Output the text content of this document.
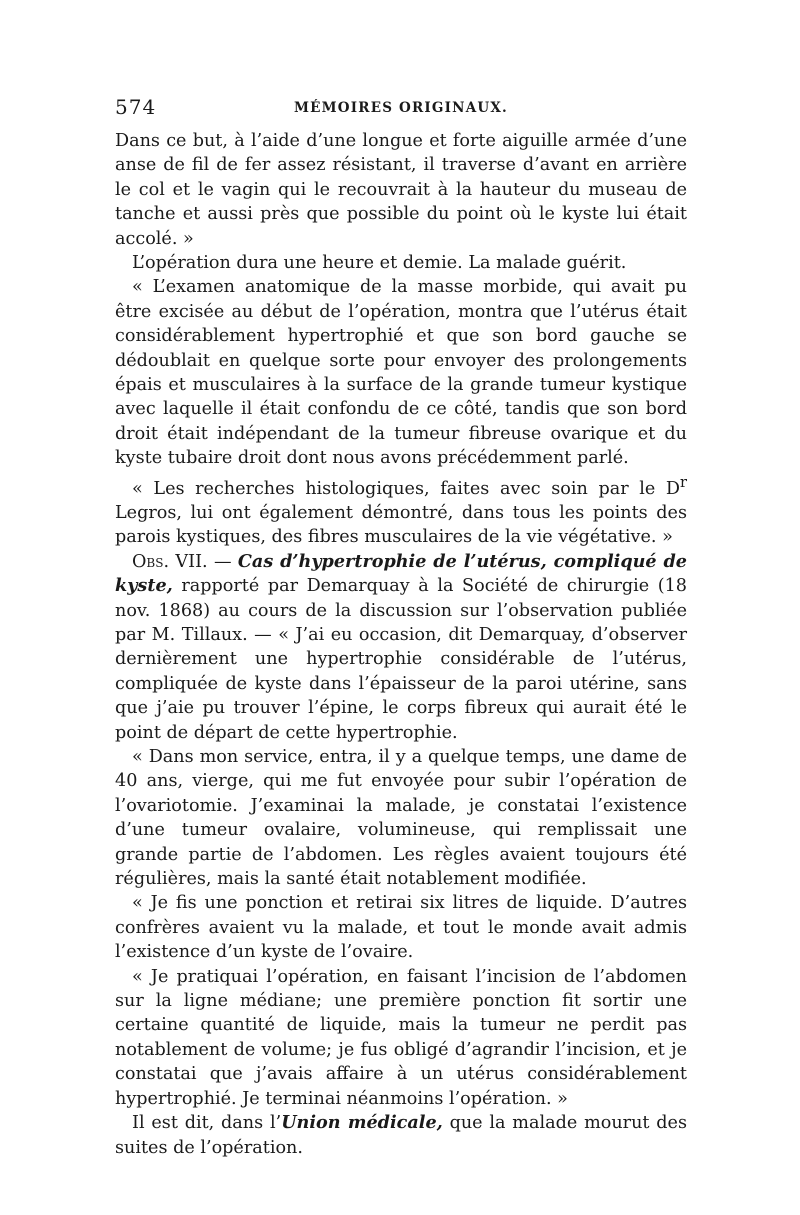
574	MÉMOIRES ORIGINAUX.

Dans ce but, à l’aide d’une longue et forte aiguille armée d’une anse de fil de fer assez résistant, il traverse d’avant en arrière le col et le vagin qui le recouvrait à la hauteur du museau de tanche et aussi près que possible du point où le kyste lui était accolé. »

L’opération dura une heure et demie. La malade guérit.

« L’examen anatomique de la masse morbide, qui avait pu être excisée au début de l’opération, montra que l’utérus était considérablement hypertrophié et que son bord gauche se dédoublait en quelque sorte pour envoyer des prolongements épais et musculaires à la surface de la grande tumeur kystique avec laquelle il était confondu de ce côté, tandis que son bord droit était indépendant de la tumeur fibreuse ovarique et du kyste tubaire droit dont nous avons précédemment parlé.

« Les recherches histologiques, faites avec soin par le $D^r$ Legros, lui ont également démontré, dans tous les points des parois kystiques, des fibres musculaires de la vie végétative. »

Obs. VII. — Cas d’hypertrophie de l’utérus, compliqué de kyste, rapporté par Demarquay à la Société de chirurgie (18 nov. 1868) au cours de la discussion sur l’observation publiée par M. Tillaux. — « J’ai eu occasion, dit Demarquay, d’observer dernièrement une hypertrophie considérable de l’utérus, compliquée de kyste dans l’épaisseur de la paroi utérine, sans que j’aie pu trouver l’épine, le corps fibreux qui aurait été le point de départ de cette hypertrophie.

« Dans mon service, entra, il y a quelque temps, une dame de 40 ans, vierge, qui me fut envoyée pour subir l’opération de l’ovariotomie. J’examinai la malade, je constatai l’existence d’une tumeur ovalaire, volumineuse, qui remplissait une grande partie de l’abdomen. Les règles avaient toujours été régulières, mais la santé était notablement modifiée.

« Je fis une ponction et retirai six litres de liquide. D’autres confrères avaient vu la malade, et tout le monde avait admis l’existence d’un kyste de l’ovaire.

« Je pratiquai l’opération, en faisant l’incision de l’abdomen sur la ligne médiane; une première ponction fit sortir une certaine quantité de liquide, mais la tumeur ne perdit pas notablement de volume; je fus obligé d’agrandir l’incision, et je constatai que j’avais affaire à un utérus considérablement hypertrophié. Je terminai néanmoins l’opération. »

Il est dit, dans l’Union médicale, que la malade mourut des suites de l’opération.
